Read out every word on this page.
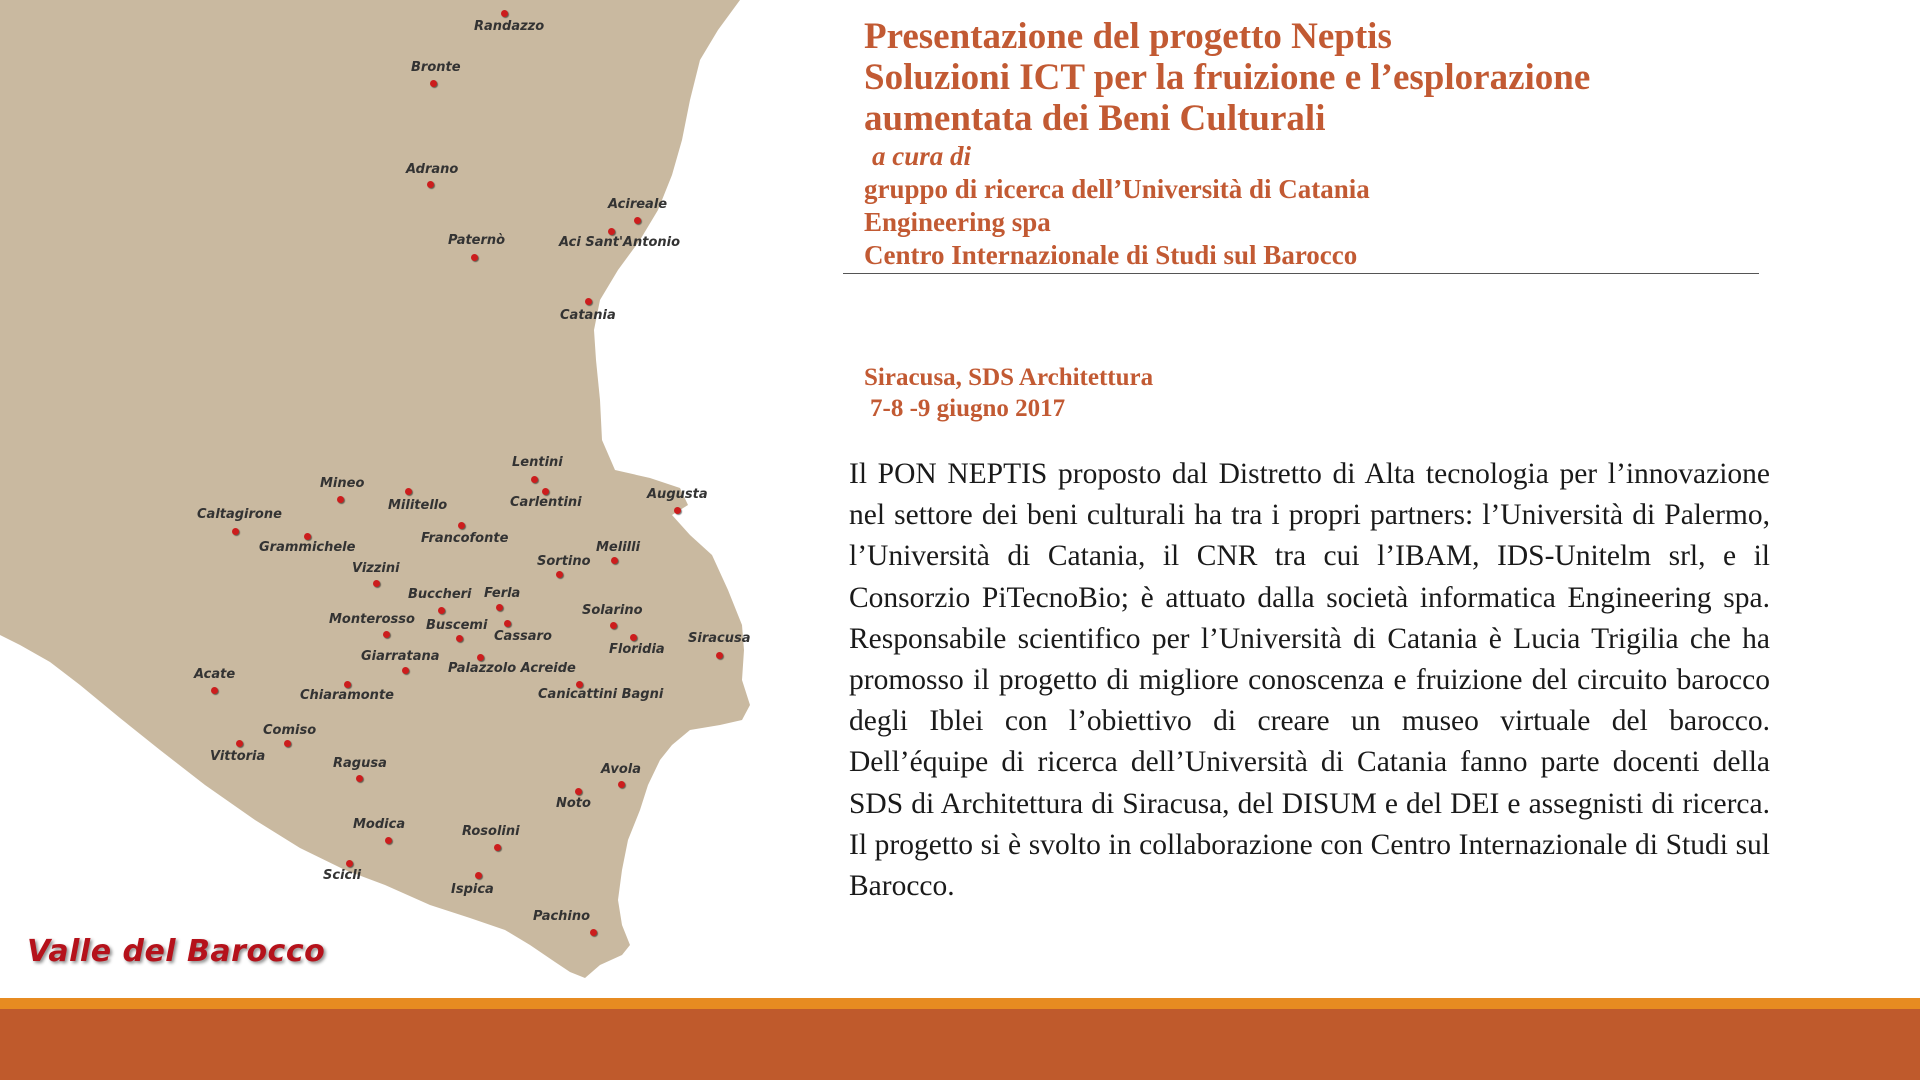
Randazzo
Bronte
Adrano
Acireale
Paternò	Aci Sant'Antonio
Catania
Lentini
Carlentini
Augusta
Mineo
Militello
Caltagirone
Francofonte
Grammichele	Melilli
Vizzini	Sortino
Buccheri Ferla
Solarino
Monterosso Buscemi
Cassaro
Floridia
Siracusa
Giarratana
Palazzolo Acreide
Acate
Chiaramonte	Canicattini Bagni
Comiso
Vittoria	Ragusa	Avola
Noto
Modica	Rosolini
Scicli
Ispica
Pachino
Valle del Barocco

Presentazione del progetto Neptis

Soluzioni ICT per la fruizione e l’esplorazione

aumentata dei Beni Culturali

a cura di

gruppo di ricerca dell’Università di Catania

Engineering spa

Centro Internazionale di Studi sul Barocco

Siracusa, SDS Architettura
7-8 -9 giugno 2017

Il PON NEPTIS proposto dal Distretto di Alta tecnologia per l’innovazione nel settore dei beni culturali ha tra i propri partners: l’Università di Palermo, l’Università di Catania, il CNR tra cui l’IBAM, IDS-Unitelm srl, e il Consorzio PiTecnoBio; è attuato dalla società informatica Engineering spa. Responsabile scientifico per l’Università di Catania è Lucia Trigilia che ha promosso il progetto di migliore conoscenza e fruizione del circuito barocco degli Iblei con l’obiettivo di creare un museo virtuale del barocco. Dell’équipe di ricerca dell’Università di Catania fanno parte docenti della SDS di Architettura di Siracusa, del DISUM e del DEI e assegnisti di ricerca. Il progetto si è svolto in collaborazione con Centro Internazionale di Studi sul Barocco.
